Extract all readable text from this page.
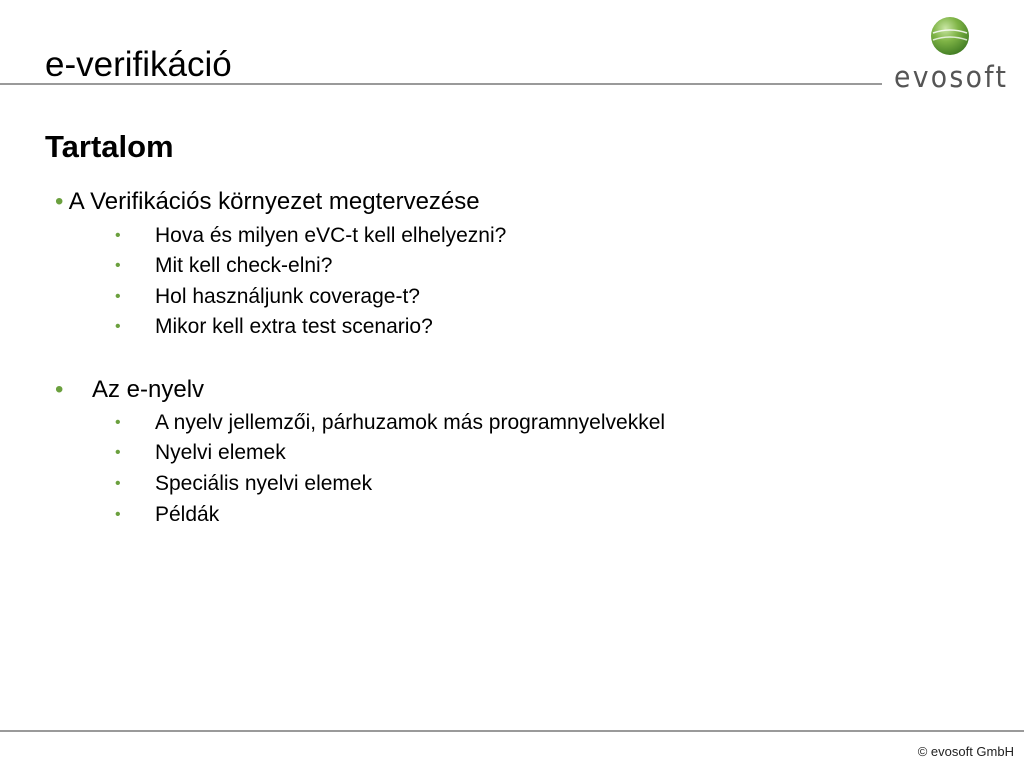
e-verifikáció	evosoft
Tartalom
• A Verifikációs környezet megtervezése
• Hova és milyen eVC-t kell elhelyezni?
• Mit kell check-elni?
• Hol használjunk coverage-t?
• Mikor kell extra test scenario?
• Az e-nyelv
• A nyelv jellemzői, párhuzamok más programnyelvekkel
• Nyelvi elemek
• Speciális nyelvi elemek
• Példák
© evosoft GmbH
